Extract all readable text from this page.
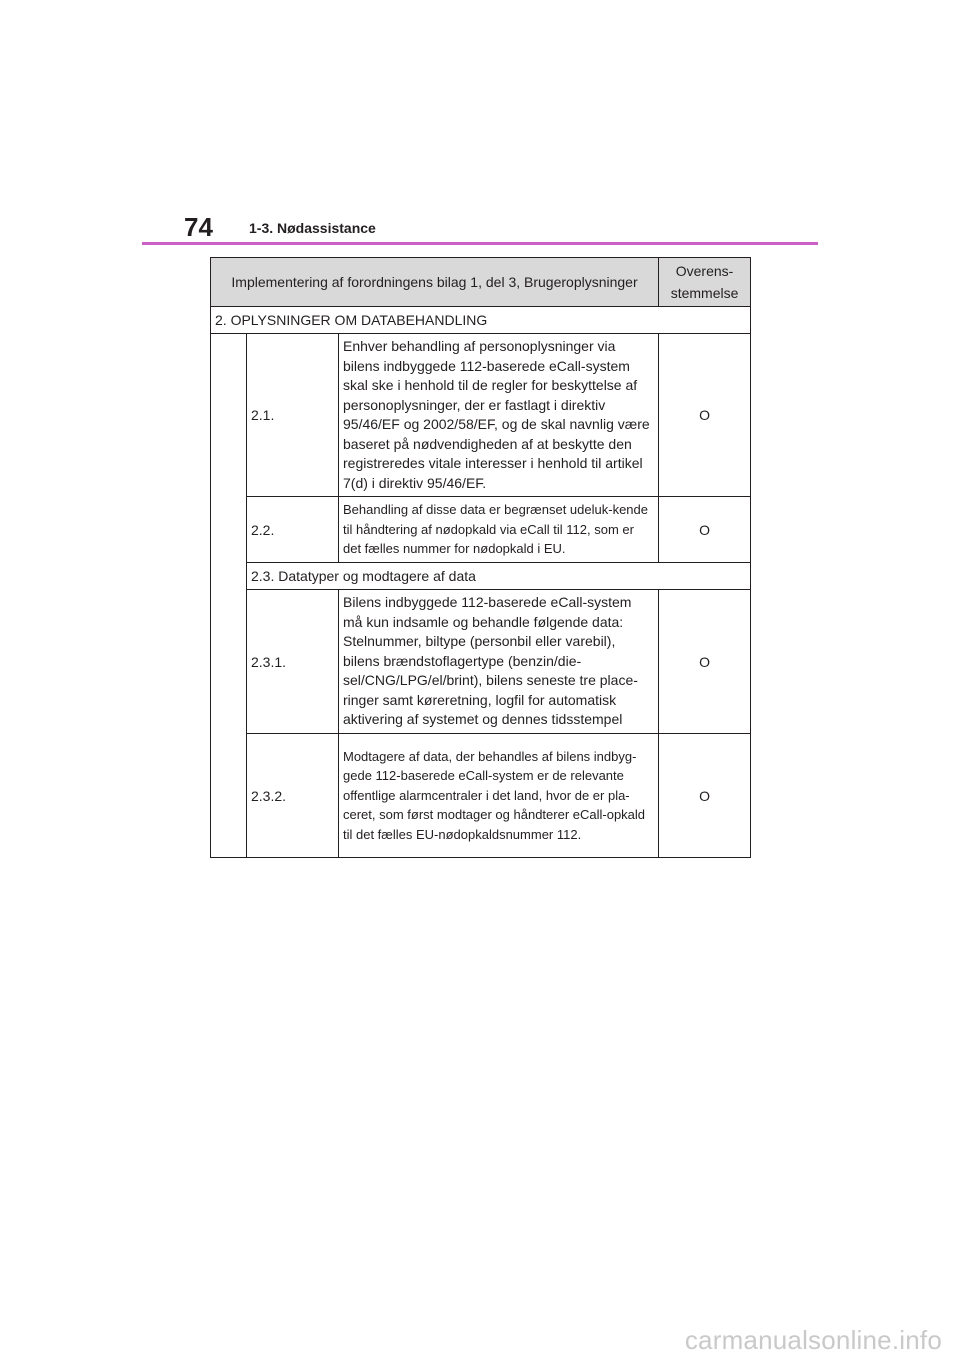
74	1-3. Nødassistance
Implementering af forordningens bilag 1, del 3, Brugeroplysninger			Overens-
stemmelse

2. OPLYSNINGER OM DATABEHANDLING			
	2.1.	Enhver behandling af personoplysninger via bilens indbyggede 112-baserede eCall-system skal ske i henhold til de regler for beskyttelse af personoplysninger, der er fastlagt i direktiv 95/46/EF og 2002/58/EF, og de skal navnlig være baseret på nødvendigheden af at beskytte den registreredes vitale interesser i henhold til artikel 7(d) i direktiv 95/46/EF.	O
	2.2.	Behandling af disse data er begrænset udeluk-kende til håndtering af nødopkald via eCall til 112, som er det fælles nummer for nødopkald i EU.	O
	2.3. Datatyper og modtagere af data		
	2.3.1.	Bilens indbyggede 112-baserede eCall-system må kun indsamle og behandle følgende data: Stelnummer, biltype (personbil eller varebil), bilens brændstoflagertype (benzin/die-sel/CNG/LPG/el/brint), bilens seneste tre place-ringer samt køreretning, logfil for automatisk aktivering af systemet og dennes tidsstempel	O
	2.3.2.	Modtagere af data, der behandles af bilens indbyg-gede 112-baserede eCall-system er de relevante offentlige alarmcentraler i det land, hvor de er pla-ceret, som først modtager og håndterer eCall-opkald til det fælles EU-nødopkaldsnummer 112.	O
carmanualsonline.info
